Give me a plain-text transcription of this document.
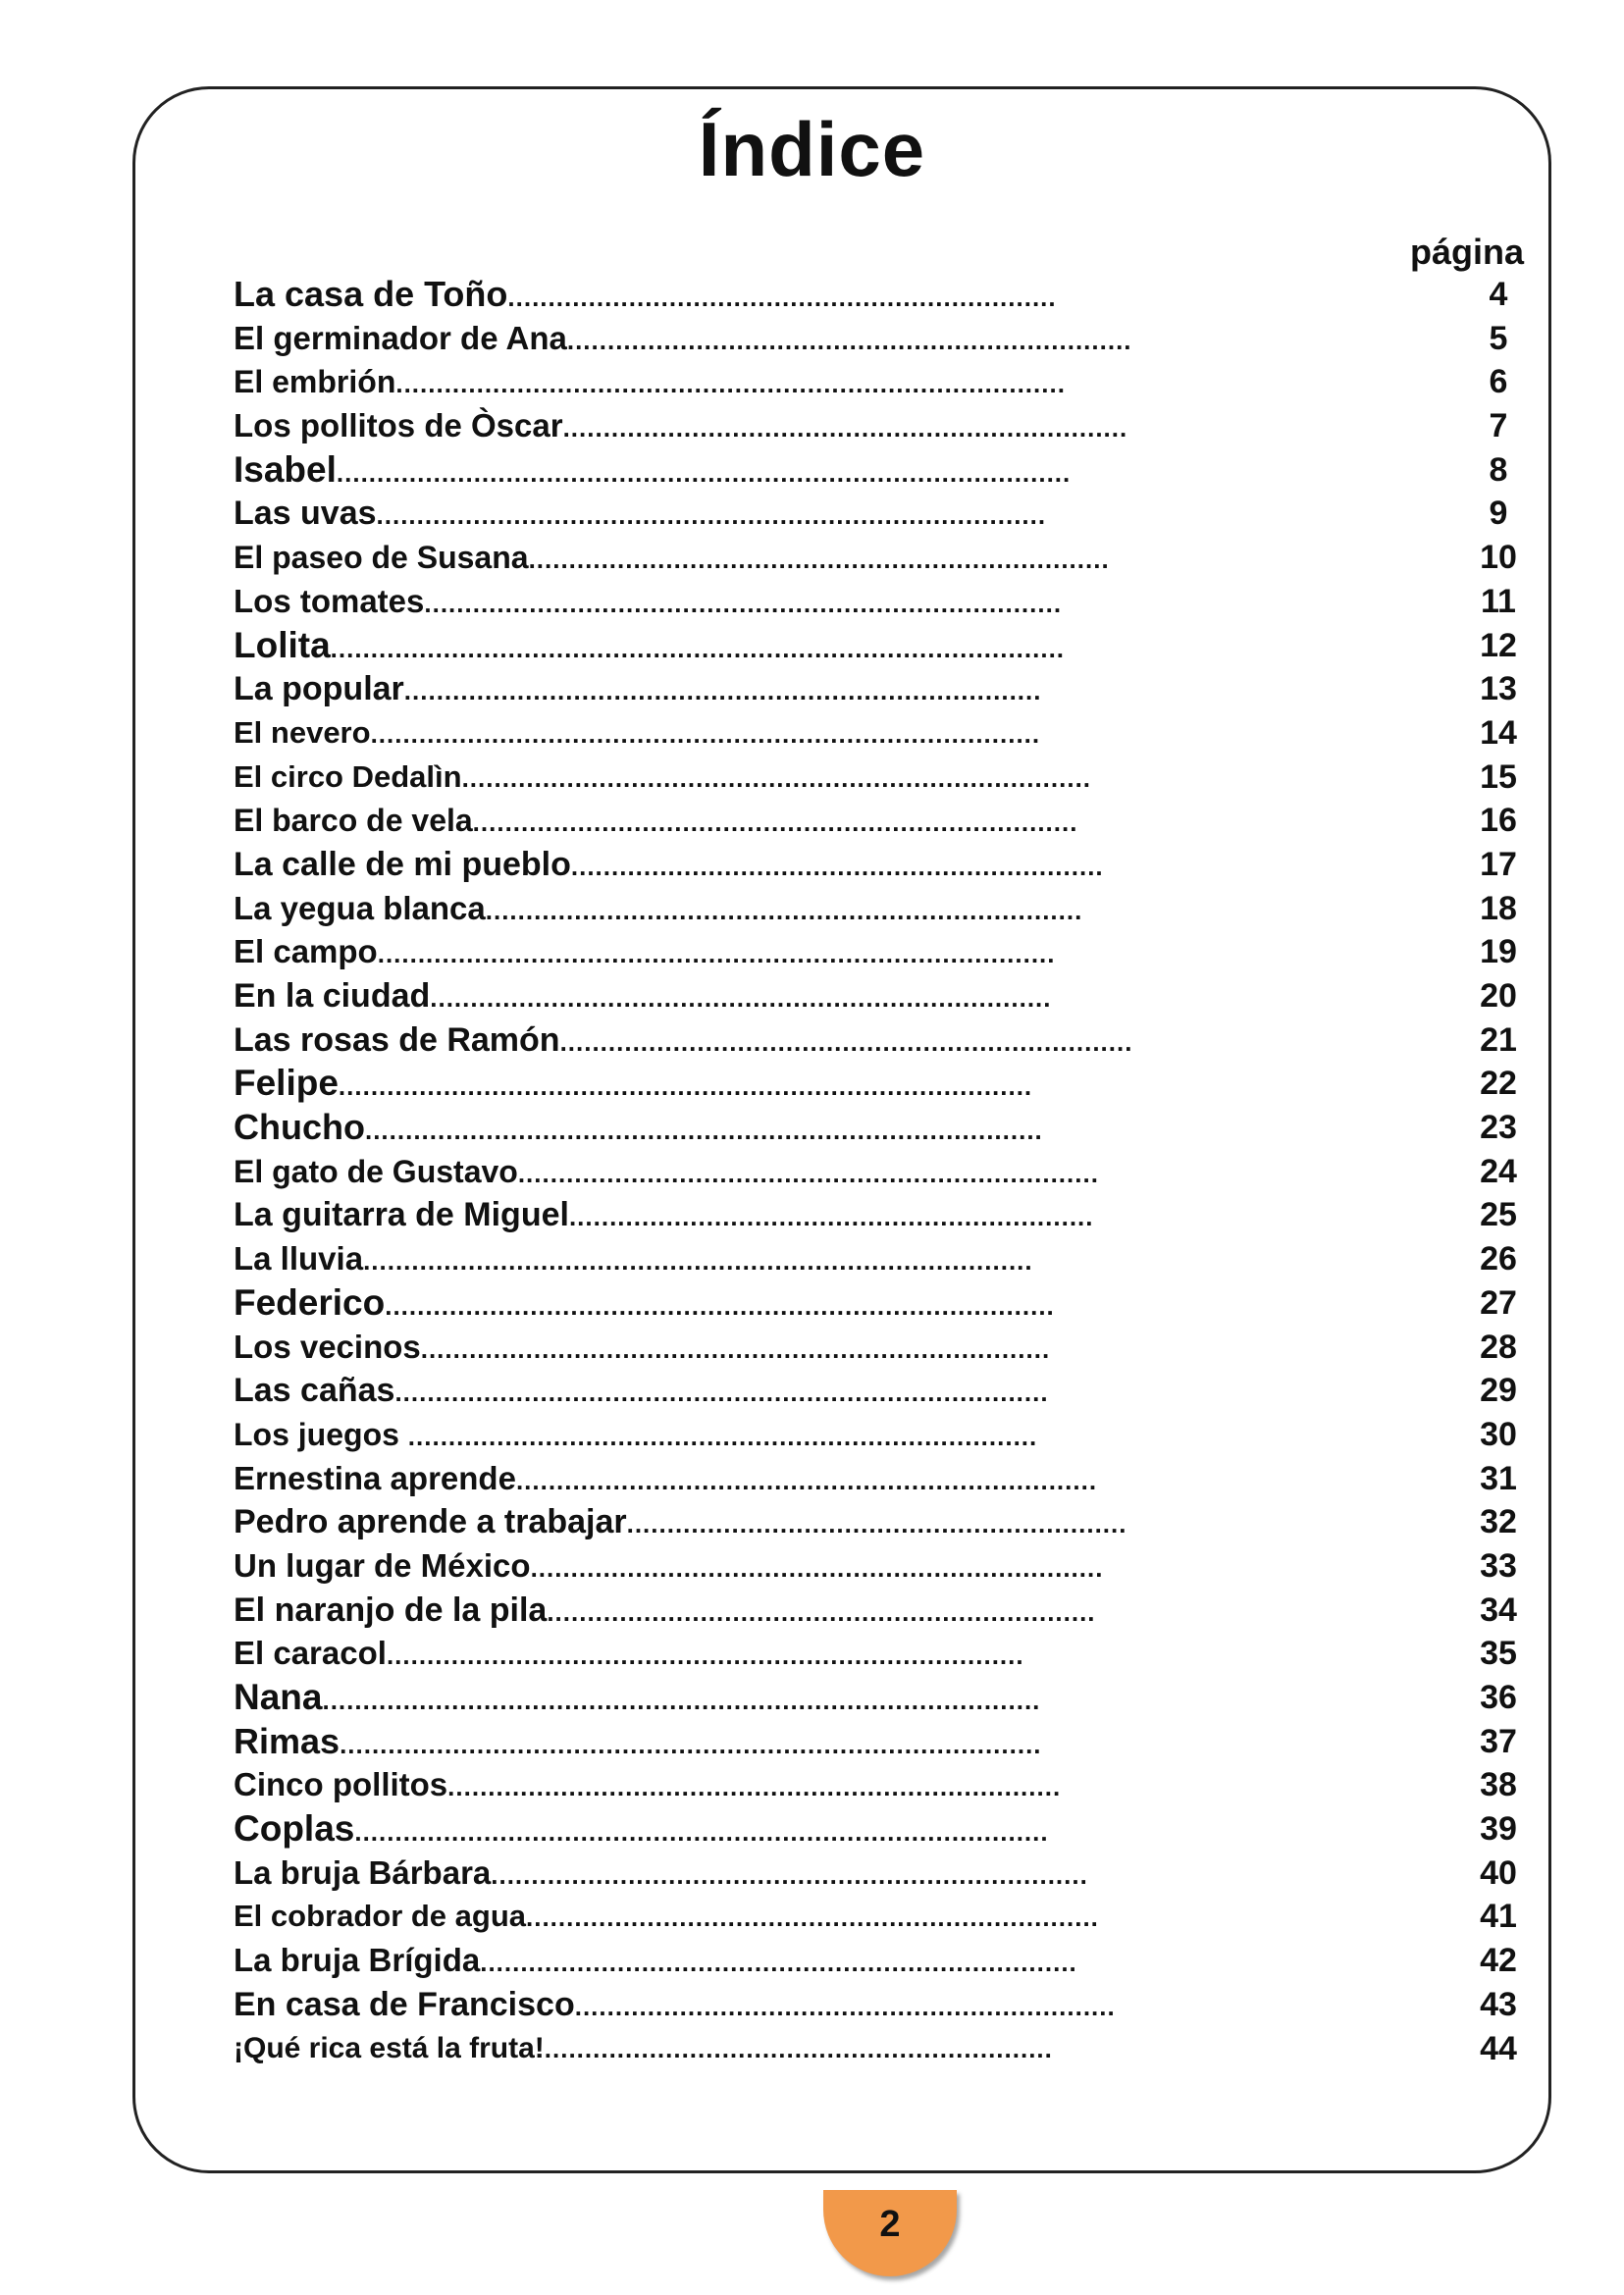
Índice
página
La casa de Toño....................................................................	4
El germinador de Ana......................................................................	5
El embrión...................................................................................	6
Los pollitos de Òscar......................................................................	7
Isabel...........................................................................................	8
Las uvas...................................................................................	9
El paseo de Susana........................................................................	10
Los tomates...............................................................................	11
Lolita...........................................................................................	12
La popular...............................................................................	13
El nevero...................................................................................	14
El circo Dedalìn..............................................................................	15
El barco de vela...........................................................................	16
La calle de mi pueblo..................................................................	17
La yegua blanca..........................................................................	18
El campo....................................................................................	19
En la ciudad.............................................................................	20
Las rosas de Ramón.......................................................................	21
Felipe......................................................................................	22
Chucho....................................................................................	23
El gato de Gustavo........................................................................	24
La guitarra de Miguel.................................................................	25
La lluvia...................................................................................	26
Federico...................................................................................	27
Los vecinos..............................................................................	28
Las cañas.................................................................................	29
Los juegos ..............................................................................	30
Ernestina aprende........................................................................	31
Pedro aprende a trabajar..............................................................	32
Un lugar de México.......................................................................	33
El naranjo de la pila....................................................................	34
El caracol...............................................................................	35
Nana.........................................................................................	36
Rimas.......................................................................................	37
Cinco pollitos............................................................................	38
Coplas......................................................................................	39
La bruja Bárbara..........................................................................	40
El cobrador de agua.......................................................................	41
La bruja Brígida..........................................................................	42
En casa de Francisco...................................................................	43
¡Qué rica está la fruta!...............................................................	44
2
